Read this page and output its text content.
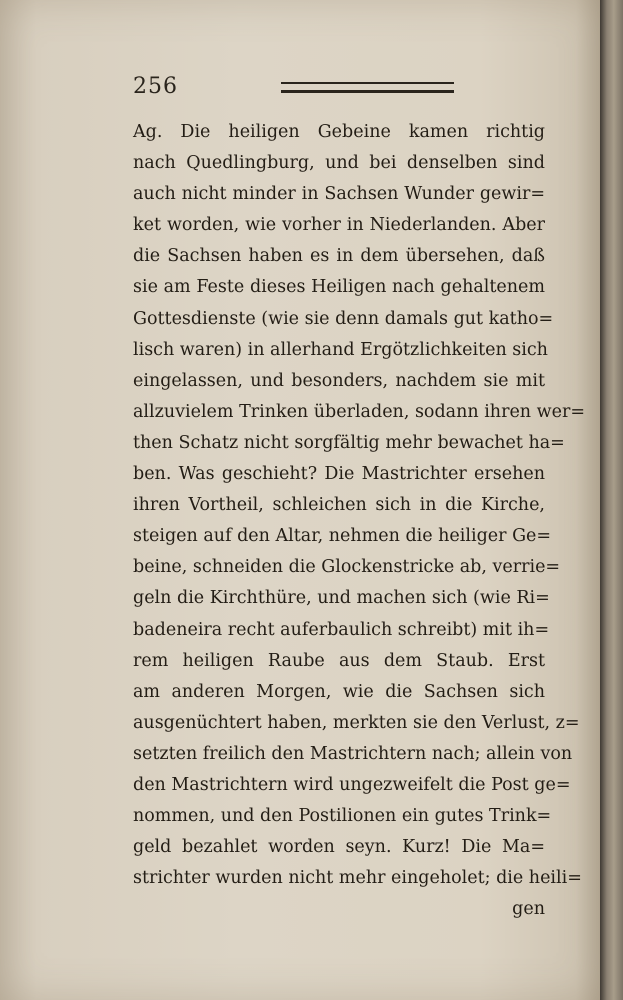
256
Ag. Die heiligen Gebeine kamen richtig
nach Quedlingburg, und bei denselben sind
auch nicht minder in Sachsen Wunder gewir=
ket worden, wie vorher in Niederlanden. Aber
die Sachsen haben es in dem übersehen, daß
sie am Feste dieses Heiligen nach gehaltenem
Gottesdienste (wie sie denn damals gut katho=
lisch waren) in allerhand Ergötzlichkeiten sich
eingelassen, und besonders, nachdem sie mit
allzuvielem Trinken überladen, sodann ihren wer=
then Schatz nicht sorgfältig mehr bewachet ha=
ben. Was geschieht? Die Mastrichter ersehen
ihren Vortheil, schleichen sich in die Kirche,
steigen auf den Altar, nehmen die heiliger Ge=
beine, schneiden die Glockenstricke ab, verrie=
geln die Kirchthüre, und machen sich (wie Ri=
badeneira recht auferbaulich schreibt) mit ih=
rem heiligen Raube aus dem Staub. Erst
am anderen Morgen, wie die Sachsen sich
ausgenüchtert haben, merkten sie den Verlust, z=
setzten freilich den Mastrichtern nach; allein von
den Mastrichtern wird ungezweifelt die Post ge=
nommen, und den Postilionen ein gutes Trink=
geld bezahlet worden seyn. Kurz! Die Ma=
strichter wurden nicht mehr eingeholet; die heili=
gen
